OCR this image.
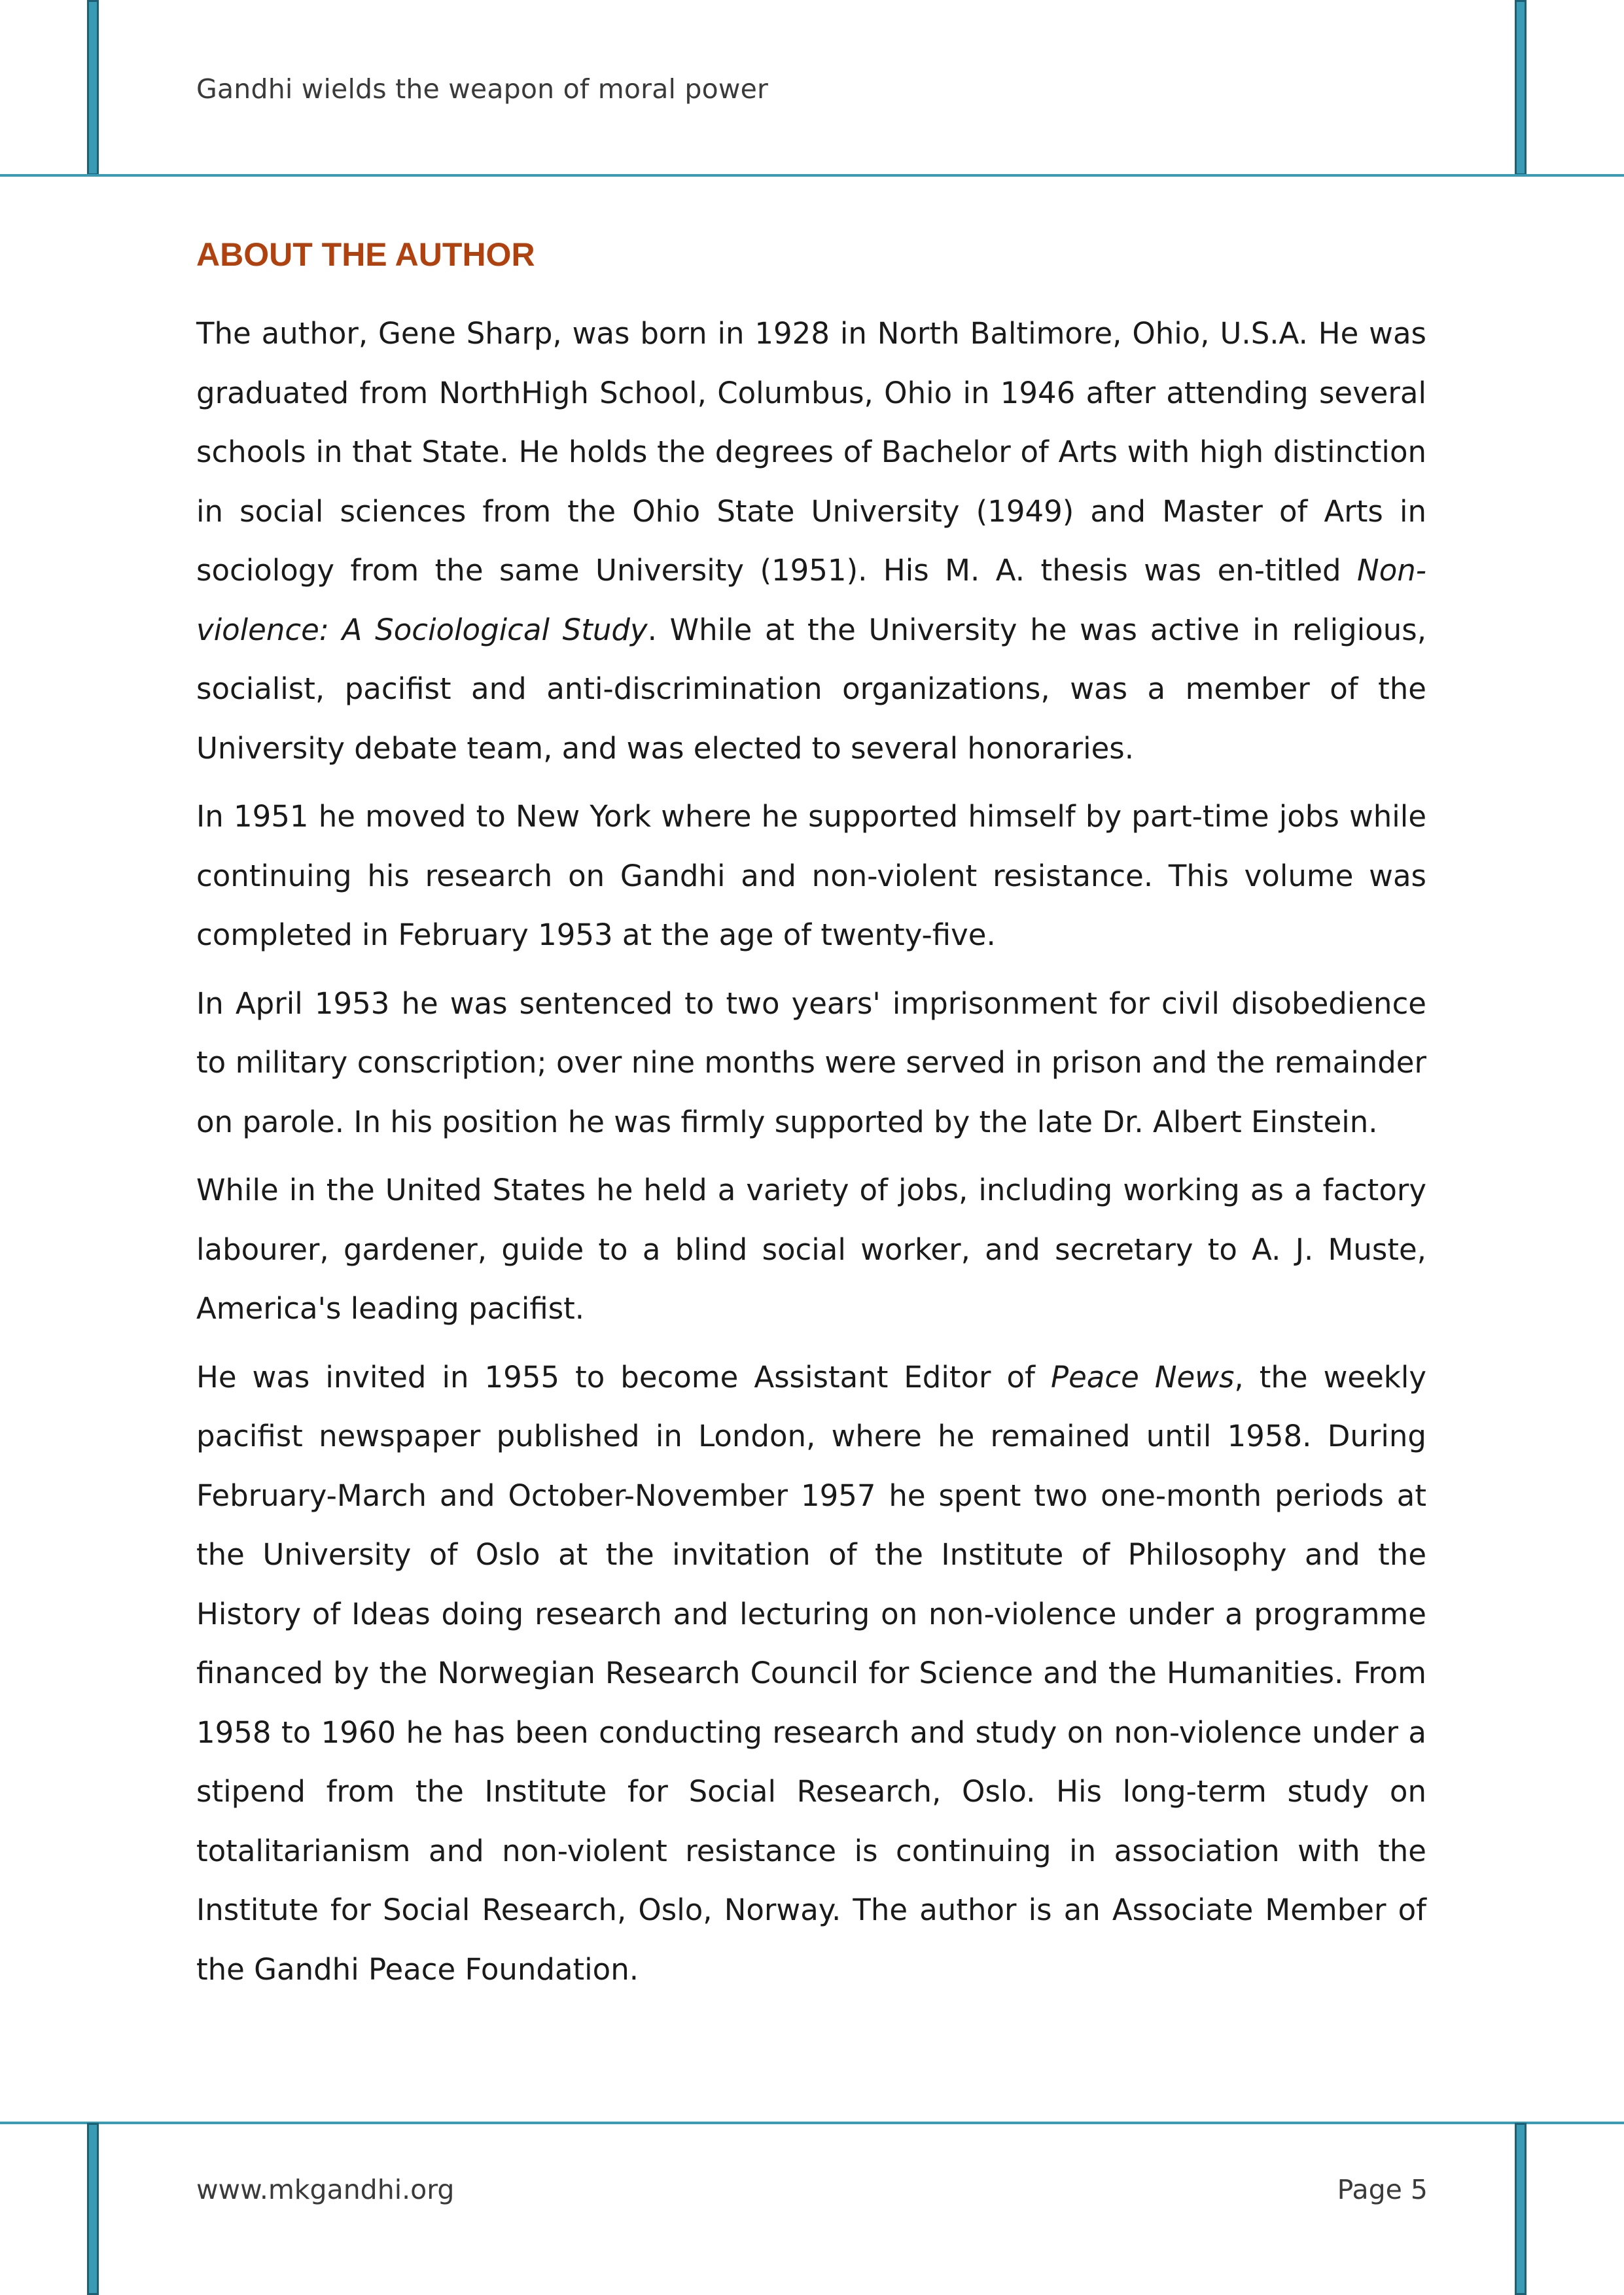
Gandhi wields the weapon of moral power
ABOUT THE AUTHOR

The author, Gene Sharp, was born in 1928 in North Baltimore, Ohio, U.S.A. He was graduated from NorthHigh School, Columbus, Ohio in 1946 after attending several schools in that State. He holds the degrees of Bachelor of Arts with high distinction in social sciences from the Ohio State University (1949) and Master of Arts in sociology from the same University (1951). His M. A. thesis was en-titled Non-violence: A Sociological Study. While at the University he was active in religious, socialist, pacifist and anti-discrimination organizations, was a member of the University debate team, and was elected to several honoraries.

In 1951 he moved to New York where he supported himself by part-time jobs while continuing his research on Gandhi and non-violent resistance. This volume was completed in February 1953 at the age of twenty-five.

In April 1953 he was sentenced to two years' imprisonment for civil disobedience to military conscription; over nine months were served in prison and the remainder on parole. In his position he was firmly supported by the late Dr. Albert Einstein.

While in the United States he held a variety of jobs, including working as a factory labourer, gardener, guide to a blind social worker, and secretary to A. J. Muste, America's leading pacifist.

He was invited in 1955 to become Assistant Editor of Peace News, the weekly pacifist newspaper published in London, where he remained until 1958. During February-March and October-November 1957 he spent two one-month periods at the University of Oslo at the invitation of the Institute of Philosophy and the History of Ideas doing research and lecturing on non-violence under a programme financed by the Norwegian Research Council for Science and the Humanities. From 1958 to 1960 he has been conducting research and study on non-violence under a stipend from the Institute for Social Research, Oslo. His long-term study on totalitarianism and non-violent resistance is continuing in association with the Institute for Social Research, Oslo, Norway. The author is an Associate Member of the Gandhi Peace Foundation.

www.mkgandhi.org	Page 5
